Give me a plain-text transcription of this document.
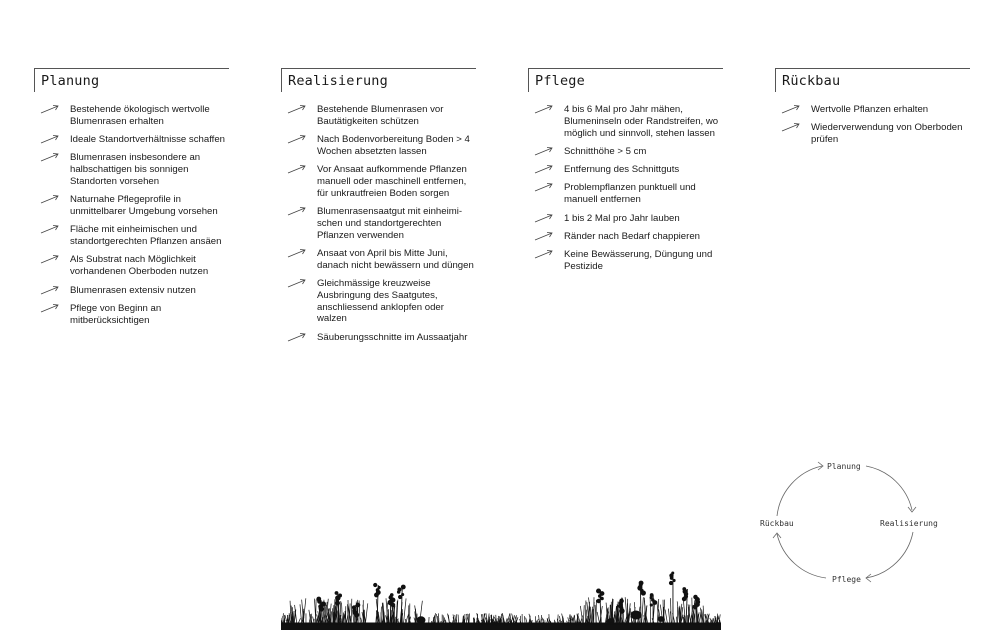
Planung
Bestehende ökologisch wertvolle Blumenrasen erhalten
Ideale Standortverhältnisse schaffen
Blumenrasen insbesondere an halbschattigen bis sonnigen Standorten vorsehen
Naturnahe Pflegeprofile in unmittelbarer Umgebung vorsehen
Fläche mit einheimischen und standortgerechten Pflanzen ansäen
Als Substrat nach Möglichkeit vorhandenen Oberboden nutzen
Blumenrasen extensiv nutzen
Pflege von Beginn an mitberücksichtigen
Realisierung
Bestehende Blumenrasen vor Bautätigkeiten schützen
Nach Bodenvorbereitung Boden > 4 Wochen absetzten lassen
Vor Ansaat aufkommende Pflanzen manuell oder maschinell entfernen, für unkrautfreien Boden sorgen
Blumenrasensaatgut mit einheimi-schen und standortgerechten Pflanzen verwenden
Ansaat von April bis Mitte Juni, danach nicht bewässern und düngen
Gleichmässige kreuzweise Ausbringung des Saatgutes, anschliessend anklopfen oder walzen
Säuberungsschnitte im Aussaatjahr
Pflege
4 bis 6 Mal pro Jahr mähen, Blumeninseln oder Randstreifen, wo möglich und sinnvoll, stehen lassen
Schnitthöhe > 5 cm
Entfernung des Schnittguts
Problempflanzen punktuell und manuell entfernen
1 bis 2 Mal pro Jahr lauben
Ränder nach Bedarf chappieren
Keine Bewässerung, Düngung und Pestizide
Rückbau
Wertvolle Pflanzen erhalten
Wiederverwendung von Oberboden prüfen
Planung
Realisierung
Pflege
Rückbau
